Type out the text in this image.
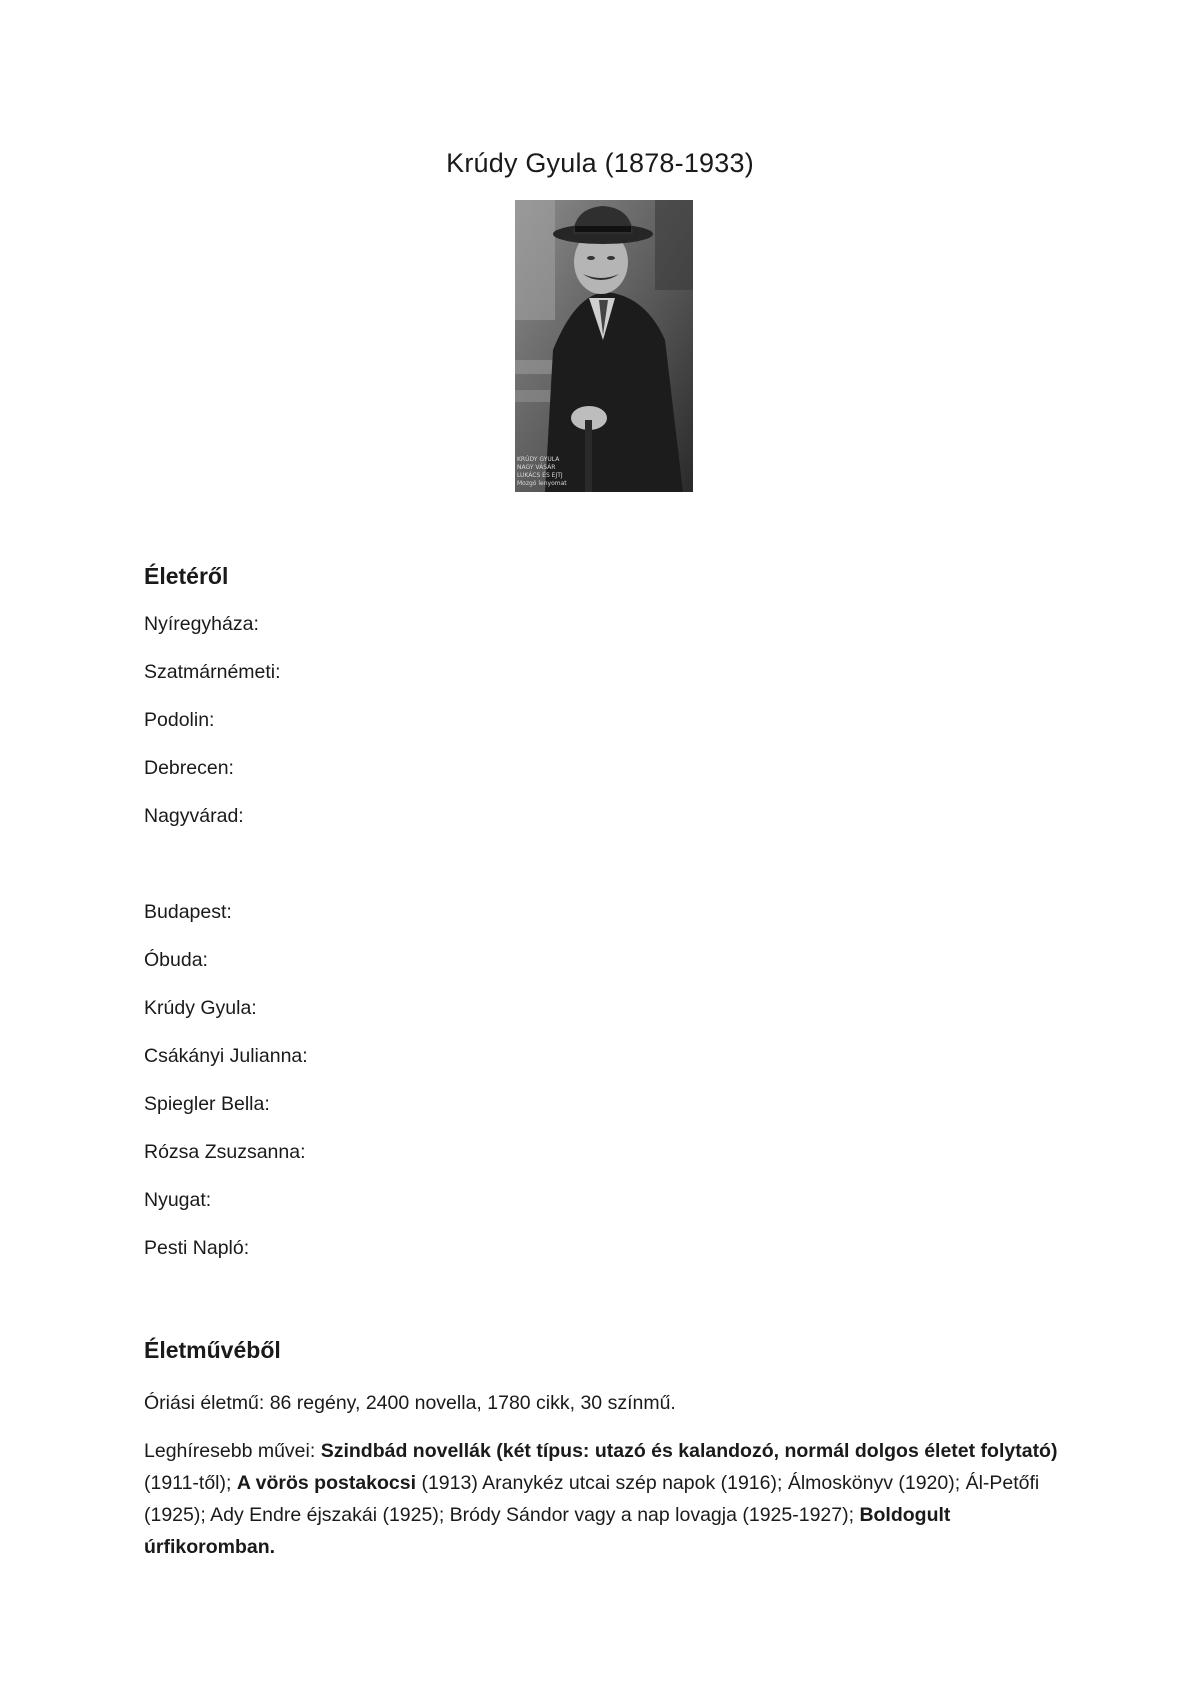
Krúdy Gyula (1878-1933)
KRÚDY GYULA
NAGY VÁSÁR
LUKÁCS ÉS EJTJ
Mozgó lenyomat
Életéről
Nyíregyháza:
Szatmárnémeti:
Podolin:
Debrecen:
Nagyvárad:
Budapest:
Óbuda:
Krúdy Gyula:
Csákányi Julianna:
Spiegler Bella:
Rózsa Zsuzsanna:
Nyugat:
Pesti Napló:
Életművéből

Óriási életmű: 86 regény, 2400 novella, 1780 cikk, 30 színmű.

Leghíresebb művei: Szindbád novellák (két típus: utazó és kalandozó, normál dolgos életet folytató) (1911-től); A vörös postakocsi (1913) Aranykéz utcai szép napok (1916); Álmoskönyv (1920); Ál-Petőfi (1925); Ady Endre éjszakái (1925); Bródy Sándor vagy a nap lovagja (1925-1927); Boldogult úrfikoromban.
